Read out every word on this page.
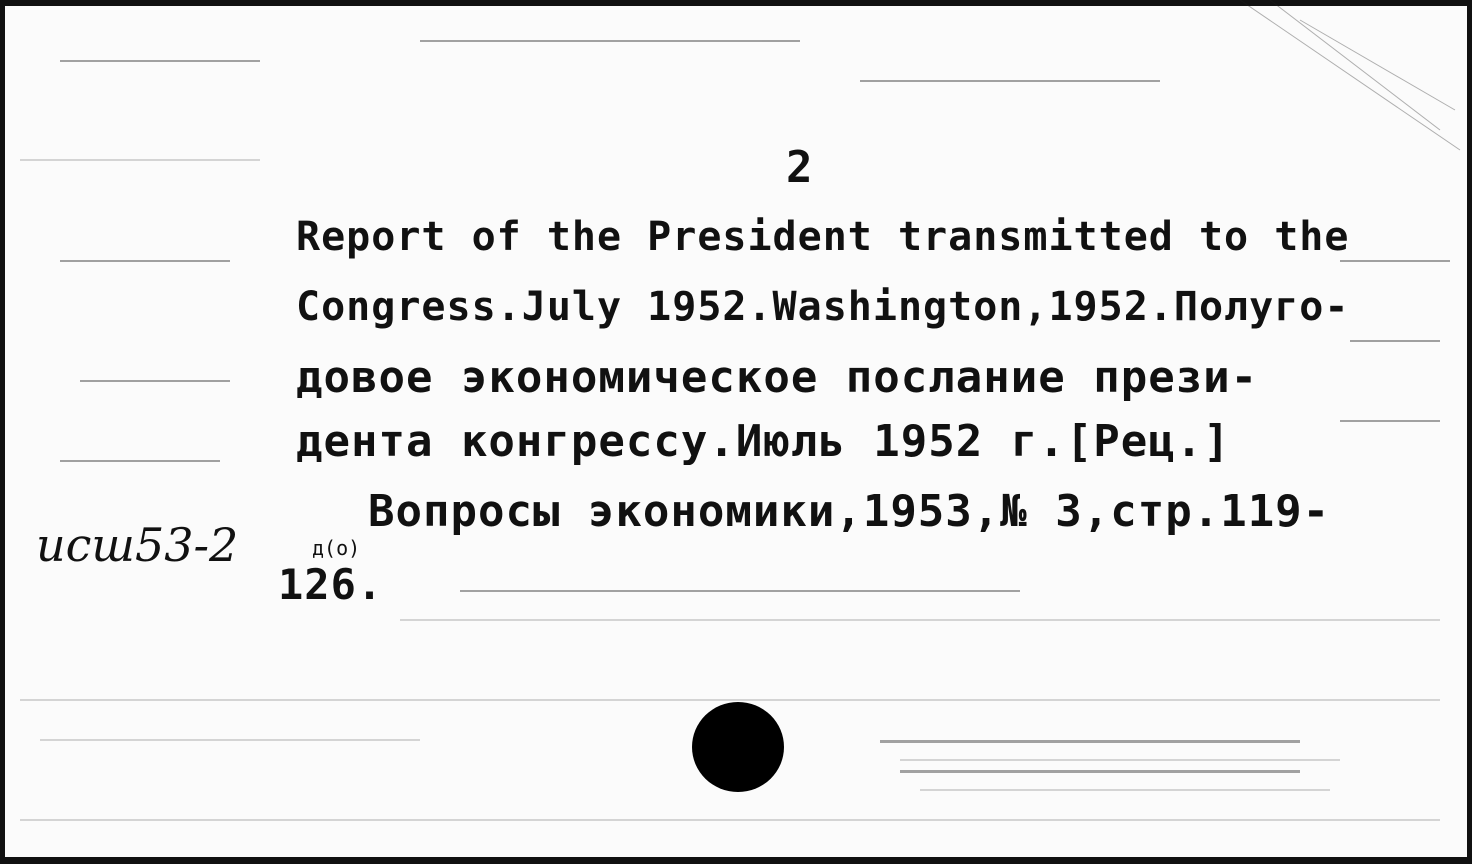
2
Report of the President transmitted to the
Congress.July 1952.Washington,1952.Полуго-
довое экономическое послание прези-
дента конгрессу.Июль 1952 г.[Рец.]
Вопросы экономики,1953,№ 3,стр.119-
126.
исш53-2	д(о)
